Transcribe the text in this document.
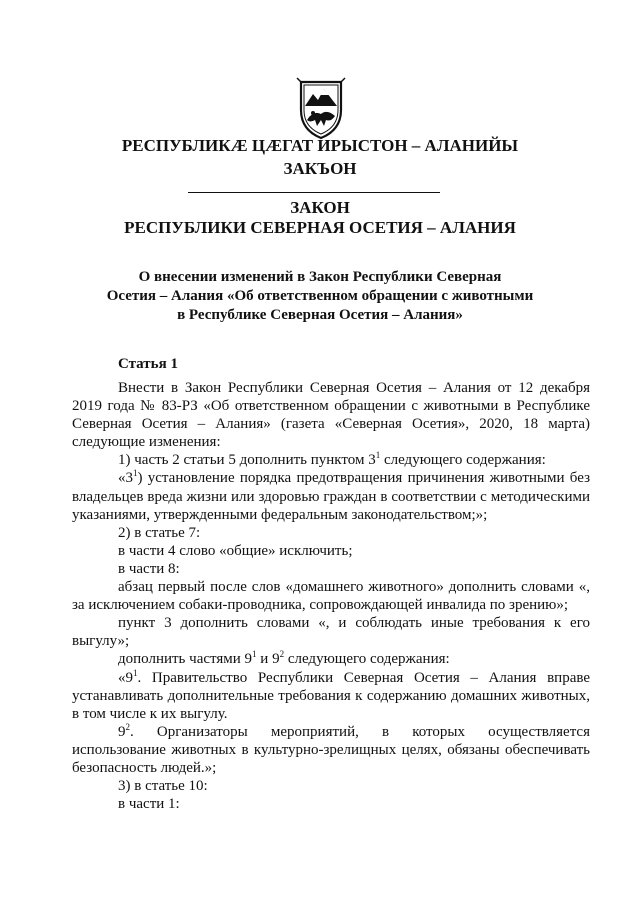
РЕСПУБЛИКӔ ЦӔГАТ ИРЫСТОН – АЛАНИЙЫ
ЗАКЪОН
ЗАКОН
РЕСПУБЛИКИ СЕВЕРНАЯ ОСЕТИЯ – АЛАНИЯ
О внесении изменений в Закон Республики Северная
Осетия – Алания «Об ответственном обращении с животными
в Республике Северная Осетия – Алания»
Статья 1

Внести в Закон Республики Северная Осетия – Алания от 12 декабря 2019 года № 83-РЗ «Об ответственном обращении с животными в Республике Северная Осетия – Алания» (газета «Северная Осетия», 2020, 18 марта) следующие изменения:

1) часть 2 статьи 5 дополнить пунктом $3^1$ следующего содержания:

«$3^1$) установление порядка предотвращения причинения животными без владельцев вреда жизни или здоровью граждан в соответствии с методическими указаниями, утвержденными федеральным законодательством;»;

2) в статье 7:

в части 4 слово «общие» исключить;

в части 8:

абзац первый после слов «домашнего животного» дополнить словами «, за исключением собаки-проводника, сопровождающей инвалида по зрению»;

пункт 3 дополнить словами «, и соблюдать иные требования к его выгулу»;

дополнить частями $9^1$ и $9^2$ следующего содержания:

«$9^1$. Правительство Республики Северная Осетия – Алания вправе устанавливать дополнительные требования к содержанию домашних животных, в том числе к их выгулу.

$9^2$. Организаторы мероприятий, в которых осуществляется использование животных в культурно-зрелищных целях, обязаны обеспечивать безопасность людей.»;

3) в статье 10:

в части 1:
